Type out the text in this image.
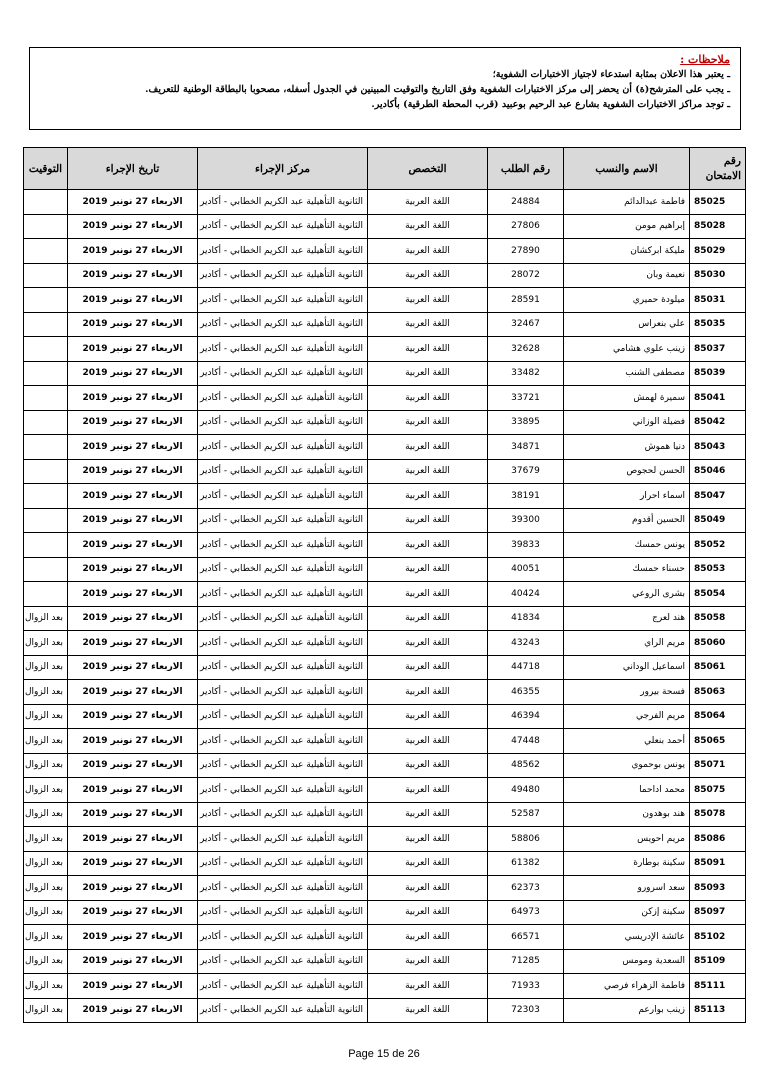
ملاحظات :
ـ يعتبر هذا الاعلان بمثابة استدعاء لاجتياز الاختبارات الشفوية؛
ـ يجب على المترشح(ة) أن يحضر إلى مركز الاختبارات الشفوية وفق التاريخ والتوقيت المبينين في الجدول أسفله، مصحوبا بالبطاقة الوطنية للتعريف.
ـ توجد مراكز الاختبارات الشفوية بشارع عبد الرحيم بوعبيد (قرب المحطة الطرقية) بأكادير.
رقم الامتحان	الاسم والنسب	رقم الطلب	التخصص	مركز الإجراء	تاريخ الإجراء	التوقيت
85025	فاطمة عبدالدائم	24884	اللغة العربية	الثانوية التأهيلية عبد الكريم الخطابي - أكادير	الاربعاء 27 نونبر 2019	
85028	إبراهيم مومن	27806	اللغة العربية	الثانوية التأهيلية عبد الكريم الخطابي - أكادير	الاربعاء 27 نونبر 2019	
85029	مليكة ابركشان	27890	اللغة العربية	الثانوية التأهيلية عبد الكريم الخطابي - أكادير	الاربعاء 27 نونبر 2019	
85030	نعيمة وبان	28072	اللغة العربية	الثانوية التأهيلية عبد الكريم الخطابي - أكادير	الاربعاء 27 نونبر 2019	
85031	ميلودة حميري	28591	اللغة العربية	الثانوية التأهيلية عبد الكريم الخطابي - أكادير	الاربعاء 27 نونبر 2019	
85035	علي بنعراس	32467	اللغة العربية	الثانوية التأهيلية عبد الكريم الخطابي - أكادير	الاربعاء 27 نونبر 2019	
85037	زينب علوي هشامي	32628	اللغة العربية	الثانوية التأهيلية عبد الكريم الخطابي - أكادير	الاربعاء 27 نونبر 2019	
85039	مصطفى الشنب	33482	اللغة العربية	الثانوية التأهيلية عبد الكريم الخطابي - أكادير	الاربعاء 27 نونبر 2019	
85041	سميرة لهمش	33721	اللغة العربية	الثانوية التأهيلية عبد الكريم الخطابي - أكادير	الاربعاء 27 نونبر 2019	
85042	فضيلة الوزاني	33895	اللغة العربية	الثانوية التأهيلية عبد الكريم الخطابي - أكادير	الاربعاء 27 نونبر 2019	
85043	دنيا هموش	34871	اللغة العربية	الثانوية التأهيلية عبد الكريم الخطابي - أكادير	الاربعاء 27 نونبر 2019	
85046	الحسن لحجوص	37679	اللغة العربية	الثانوية التأهيلية عبد الكريم الخطابي - أكادير	الاربعاء 27 نونبر 2019	
85047	اسماء احرار	38191	اللغة العربية	الثانوية التأهيلية عبد الكريم الخطابي - أكادير	الاربعاء 27 نونبر 2019	
85049	الحسين أقدوم	39300	اللغة العربية	الثانوية التأهيلية عبد الكريم الخطابي - أكادير	الاربعاء 27 نونبر 2019	
85052	يونس حمسك	39833	اللغة العربية	الثانوية التأهيلية عبد الكريم الخطابي - أكادير	الاربعاء 27 نونبر 2019	
85053	حسناء حمسك	40051	اللغة العربية	الثانوية التأهيلية عبد الكريم الخطابي - أكادير	الاربعاء 27 نونبر 2019	
85054	بشرى الروعي	40424	اللغة العربية	الثانوية التأهيلية عبد الكريم الخطابي - أكادير	الاربعاء 27 نونبر 2019	
85058	هند لعرج	41834	اللغة العربية	الثانوية التأهيلية عبد الكريم الخطابي - أكادير	الاربعاء 27 نونبر 2019	بعد الزوال
85060	مريم الراي	43243	اللغة العربية	الثانوية التأهيلية عبد الكريم الخطابي - أكادير	الاربعاء 27 نونبر 2019	بعد الزوال
85061	اسماعيل الوداني	44718	اللغة العربية	الثانوية التأهيلية عبد الكريم الخطابي - أكادير	الاربعاء 27 نونبر 2019	بعد الزوال
85063	فسحة بيرور	46355	اللغة العربية	الثانوية التأهيلية عبد الكريم الخطابي - أكادير	الاربعاء 27 نونبر 2019	بعد الزوال
85064	مريم الفرجي	46394	اللغة العربية	الثانوية التأهيلية عبد الكريم الخطابي - أكادير	الاربعاء 27 نونبر 2019	بعد الزوال
85065	أحمد بنعلي	47448	اللغة العربية	الثانوية التأهيلية عبد الكريم الخطابي - أكادير	الاربعاء 27 نونبر 2019	بعد الزوال
85071	يونس بوحموي	48562	اللغة العربية	الثانوية التأهيلية عبد الكريم الخطابي - أكادير	الاربعاء 27 نونبر 2019	بعد الزوال
85075	محمد اداحما	49480	اللغة العربية	الثانوية التأهيلية عبد الكريم الخطابي - أكادير	الاربعاء 27 نونبر 2019	بعد الزوال
85078	هند بوهدون	52587	اللغة العربية	الثانوية التأهيلية عبد الكريم الخطابي - أكادير	الاربعاء 27 نونبر 2019	بعد الزوال
85086	مريم احويس	58806	اللغة العربية	الثانوية التأهيلية عبد الكريم الخطابي - أكادير	الاربعاء 27 نونبر 2019	بعد الزوال
85091	سكينة بوطارة	61382	اللغة العربية	الثانوية التأهيلية عبد الكريم الخطابي - أكادير	الاربعاء 27 نونبر 2019	بعد الزوال
85093	سعد اسرورو	62373	اللغة العربية	الثانوية التأهيلية عبد الكريم الخطابي - أكادير	الاربعاء 27 نونبر 2019	بعد الزوال
85097	سكينة إزكن	64973	اللغة العربية	الثانوية التأهيلية عبد الكريم الخطابي - أكادير	الاربعاء 27 نونبر 2019	بعد الزوال
85102	عائشة الإدريسي	66571	اللغة العربية	الثانوية التأهيلية عبد الكريم الخطابي - أكادير	الاربعاء 27 نونبر 2019	بعد الزوال
85109	السعدية ومومس	71285	اللغة العربية	الثانوية التأهيلية عبد الكريم الخطابي - أكادير	الاربعاء 27 نونبر 2019	بعد الزوال
85111	فاطمة الزهراء فرصي	71933	اللغة العربية	الثانوية التأهيلية عبد الكريم الخطابي - أكادير	الاربعاء 27 نونبر 2019	بعد الزوال
85113	زينب بوارعم	72303	اللغة العربية	الثانوية التأهيلية عبد الكريم الخطابي - أكادير	الاربعاء 27 نونبر 2019	بعد الزوال
Page 15 de 26
